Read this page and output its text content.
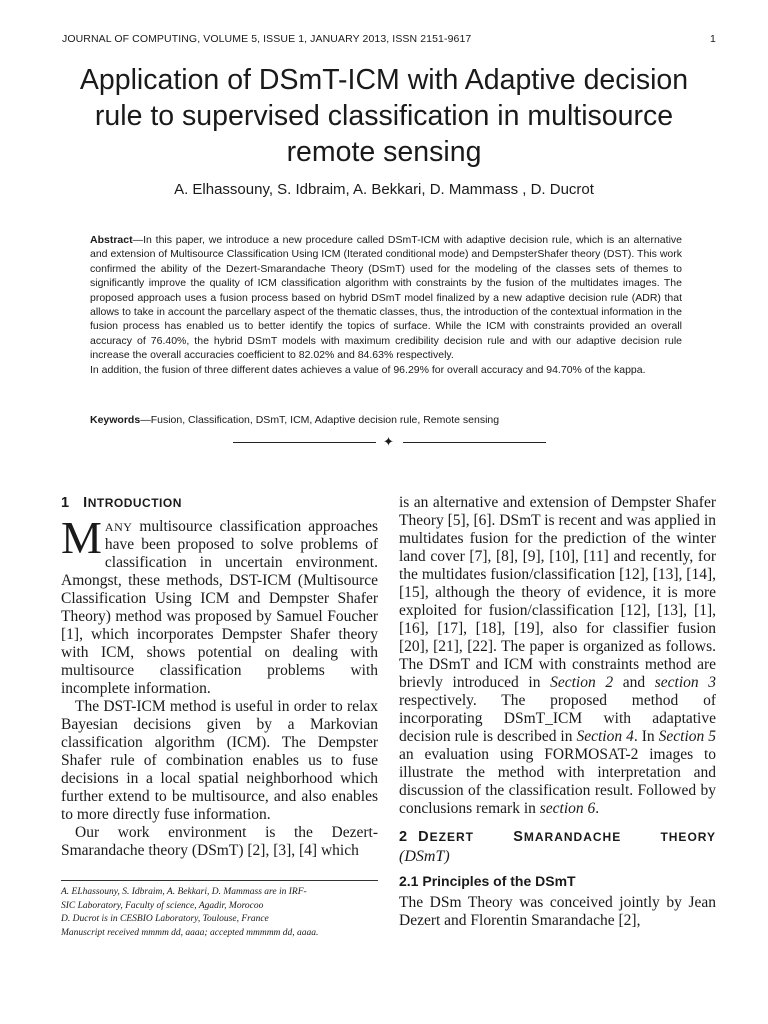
JOURNAL OF COMPUTING, VOLUME 5, ISSUE 1, JANUARY 2013, ISSN 2151-9617	1
Application of DSmT-ICM with Adaptive decision
rule to supervised classification in multisource
remote sensing
A. Elhassouny, S. Idbraim, A. Bekkari, D. Mammass , D. Ducrot

Abstract—In this paper, we introduce a new procedure called DSmT-ICM with adaptive decision rule, which is an alternative and extension of Multisource Classification Using ICM (Iterated conditional mode) and DempsterShafer theory (DST). This work confirmed the ability of the Dezert-Smarandache Theory (DSmT) used for the modeling of the classes sets of themes to significantly improve the quality of ICM classification algorithm with constraints by the fusion of the multidates images. The proposed approach uses a fusion process based on hybrid DSmT model finalized by a new adaptive decision rule (ADR) that allows to take in account the parcellary aspect of the thematic classes, thus, the introduction of the contextual information in the fusion process has enabled us to better identify the topics of surface. While the ICM with constraints provided an overall accuracy of 76.40%, the hybrid DSmT models with maximum credibility decision rule and with our adaptive decision rule increase the overall accuracies coefficient to 82.02% and 84.63% respectively.

In addition, the fusion of three different dates achieves a value of 96.29% for overall accuracy and 94.70% of the kappa.

Keywords—Fusion, Classification, DSmT, ICM, Adaptive decision rule, Remote sensing
✦
1 INTRODUCTION

MANY multisource classification approaches have been proposed to solve problems of classification in uncertain environment. Amongst, these methods, DST-ICM (Multisource Classification Using ICM and Dempster Shafer Theory) method was proposed by Samuel Foucher [1], which incorporates Dempster Shafer theory with ICM, shows potential on dealing with multisource classification problems with incomplete information.

The DST-ICM method is useful in order to relax Bayesian decisions given by a Markovian classification algorithm (ICM). The Dempster Shafer rule of combination enables us to fuse decisions in a local spatial neighborhood which further extend to be multisource, and also enables to more directly fuse information.

Our work environment is the Dezert-Smarandache theory (DSmT) [2], [3], [4] which

A. ELhassouny, S. Idbraim, A. Bekkari, D. Mammass are in IRF-
SIC Laboratory, Faculty of science, Agadir, Morocoo
D. Ducrot is in CESBIO Laboratory, Toulouse, France
Manuscript received mmmm dd, aaaa; accepted mmmmm dd, aaaa.

is an alternative and extension of Dempster Shafer Theory [5], [6]. DSmT is recent and was applied in multidates fusion for the prediction of the winter land cover [7], [8], [9], [10], [11] and recently, for the multidates fusion/classification [12], [13], [14], [15], although the theory of evidence, it is more exploited for fusion/classification [12], [13], [1], [16], [17], [18], [19], also for classifier fusion [20], [21], [22]. The paper is organized as follows. The DSmT and ICM with constraints method are brievly introduced in Section 2 and section 3 respectively. The proposed method of incorporating DSmT_ICM with adaptative decision rule is described in Section 4. In Section 5 an evaluation using FORMOSAT-2 images to illustrate the method with interpretation and discussion of the classification result. Followed by conclusions remark in section 6.

2 DEZERT	SMARANDACHE	THEORY
(DSmT)
2.1 Principles of the DSmT

The DSm Theory was conceived jointly by Jean Dezert and Florentin Smarandache [2],
